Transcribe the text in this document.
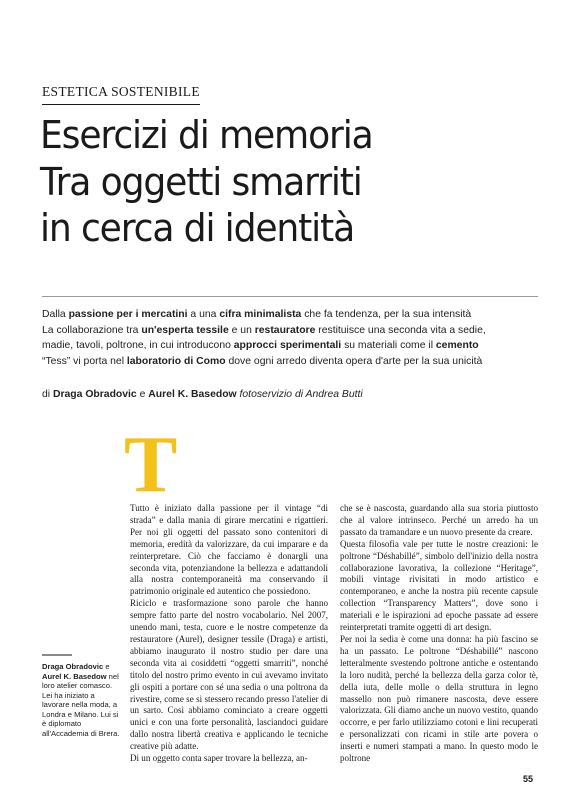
ESTETICA SOSTENIBILE
Esercizi di memoria
Tra oggetti smarriti
in cerca di identità

Dalla passione per i mercatini a una cifra minimalista che fa tendenza, per la sua intensità

La collaborazione tra un'esperta tessile e un restauratore restituisce una seconda vita a sedie,

madie, tavoli, poltrone, in cui introducono approcci sperimentali su materiali come il cemento

“Tess” vi porta nel laboratorio di Como dove ogni arredo diventa opera d'arte per la sua unicità

di Draga Obradovic e Aurel K. Basedow fotoservizio di Andrea Butti
T

Tutto è iniziato dalla passione per il vintage “di strada” e dalla mania di girare mercatini e rigattieri. Per noi gli oggetti del passato sono contenitori di memoria, eredità da valorizzare, da cui imparare e da reinterpretare. Ciò che facciamo è donargli una seconda vita, potenziandone la bellezza e adattandoli alla nostra contemporaneità ma conservando il patrimonio originale ed autentico che possiedono.

Riciclo e trasformazione sono parole che hanno sempre fatto parte del nostro vocabolario. Nel 2007, unendo mani, testa, cuore e le nostre competenze da restauratore (Aurel), designer tessile (Draga) e artisti, abbiamo inaugurato il nostro studio per dare una seconda vita ai cosiddetti “oggetti smarriti”, nonché titolo del nostro primo evento in cui avevamo invitato gli ospiti a portare con sé una sedia o una poltrona da rivestire, come se si stessero recando presso l'atelier di un sarto. Così abbiamo cominciato a creare oggetti unici e con una forte personalità, lasciandoci guidare dallo nostra libertà creativa e applicando le tecniche creative più adatte.

Di un oggetto conta saper trovare la bellezza, an-

che se è nascosta, guardando alla sua storia piuttosto che al valore intrinseco. Perché un arredo ha un passato da tramandare e un nuovo presente da creare.

Questa filosofia vale per tutte le nostre creazioni: le poltrone “Déshabillé”, simbolo dell'inizio della nostra collaborazione lavorativa, la collezione “Heritage”, mobili vintage rivisitati in modo artistico e contemporaneo, e anche la nostra più recente capsule collection “Transparency Matters”, dove sono i materiali e le ispirazioni ad epoche passate ad essere reinterpretati tramite oggetti di art design.

Per noi la sedia è come una donna: ha più fascino se ha un passato. Le poltrone “Déshabillé” nascono letteralmente svestendo poltrone antiche e ostentando la loro nudità, perché la bellezza della garza color tè, della iuta, delle molle o della struttura in legno massello non può rimanere nascosta, deve essere valorizzata. Gli diamo anche un nuovo vestito, quando occorre, e per farlo utilizziamo cotoni e lini recuperati e personalizzati con ricami in stile arte povera o inserti e numeri stampati a mano. In questo modo le poltrone

Draga Obradovic e Aurel K. Basedow nel loro atelier comasco. Lei ha iniziato a lavorare nella moda, a Londra e Milano. Lui si è diplomato all'Accademia di Brera.
55
